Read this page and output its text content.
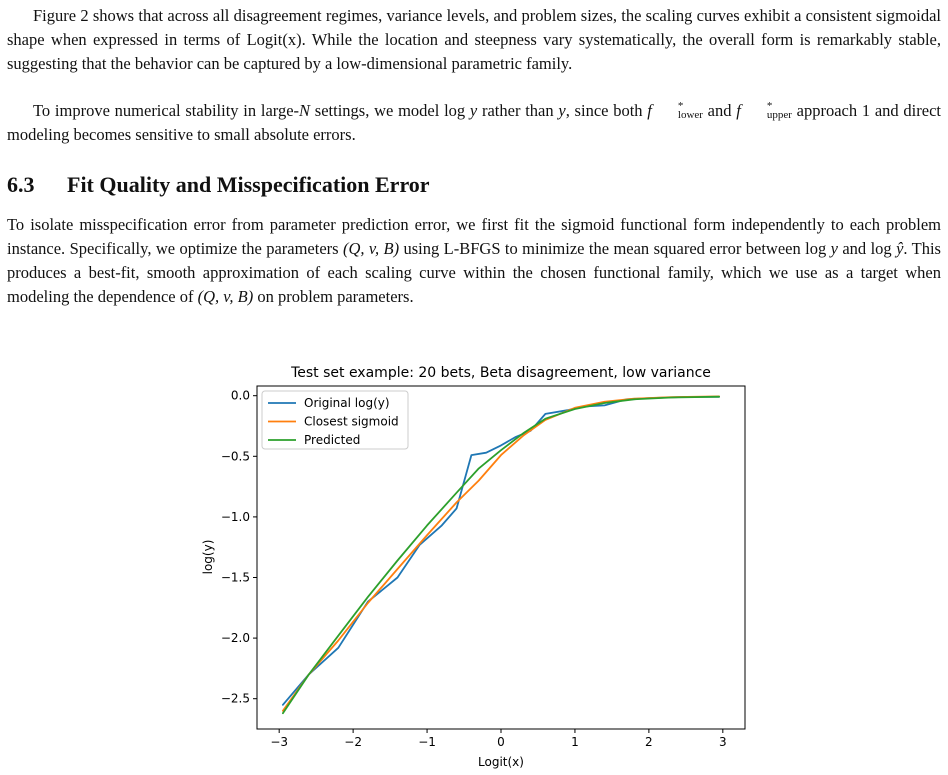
Figure 2 shows that across all disagreement regimes, variance levels, and problem sizes, the scaling curves exhibit a consistent sigmoidal shape when expressed in terms of Logit(x). While the location and steepness vary systematically, the overall form is remarkably stable, suggesting that the behavior can be captured by a low-dimensional parametric family.

To improve numerical stability in large-N settings, we model log y rather than y, since both f	*
lower and f	*
upper approach 1 and direct modeling becomes sensitive to small absolute errors.

6.3 Fit Quality and Misspecification Error

To isolate misspecification error from parameter prediction error, we first fit the sigmoid functional form independently to each problem instance. Specifically, we optimize the parameters (Q, v, B) using L-BFGS to minimize the mean squared error between log y and log ŷ. This produces a best-fit, smooth approximation of each scaling curve within the chosen functional family, which we use as a target when modeling the dependence of (Q, v, B) on problem parameters.

Test set example: 20 bets, Beta disagreement, low variance
−3	−2	−1	0	1	2	3
0.0
−0.5
−1.0
−1.5
−2.0
−2.5
Logit(x)
log(y)
Original log(y)
Closest sigmoid
Predicted
